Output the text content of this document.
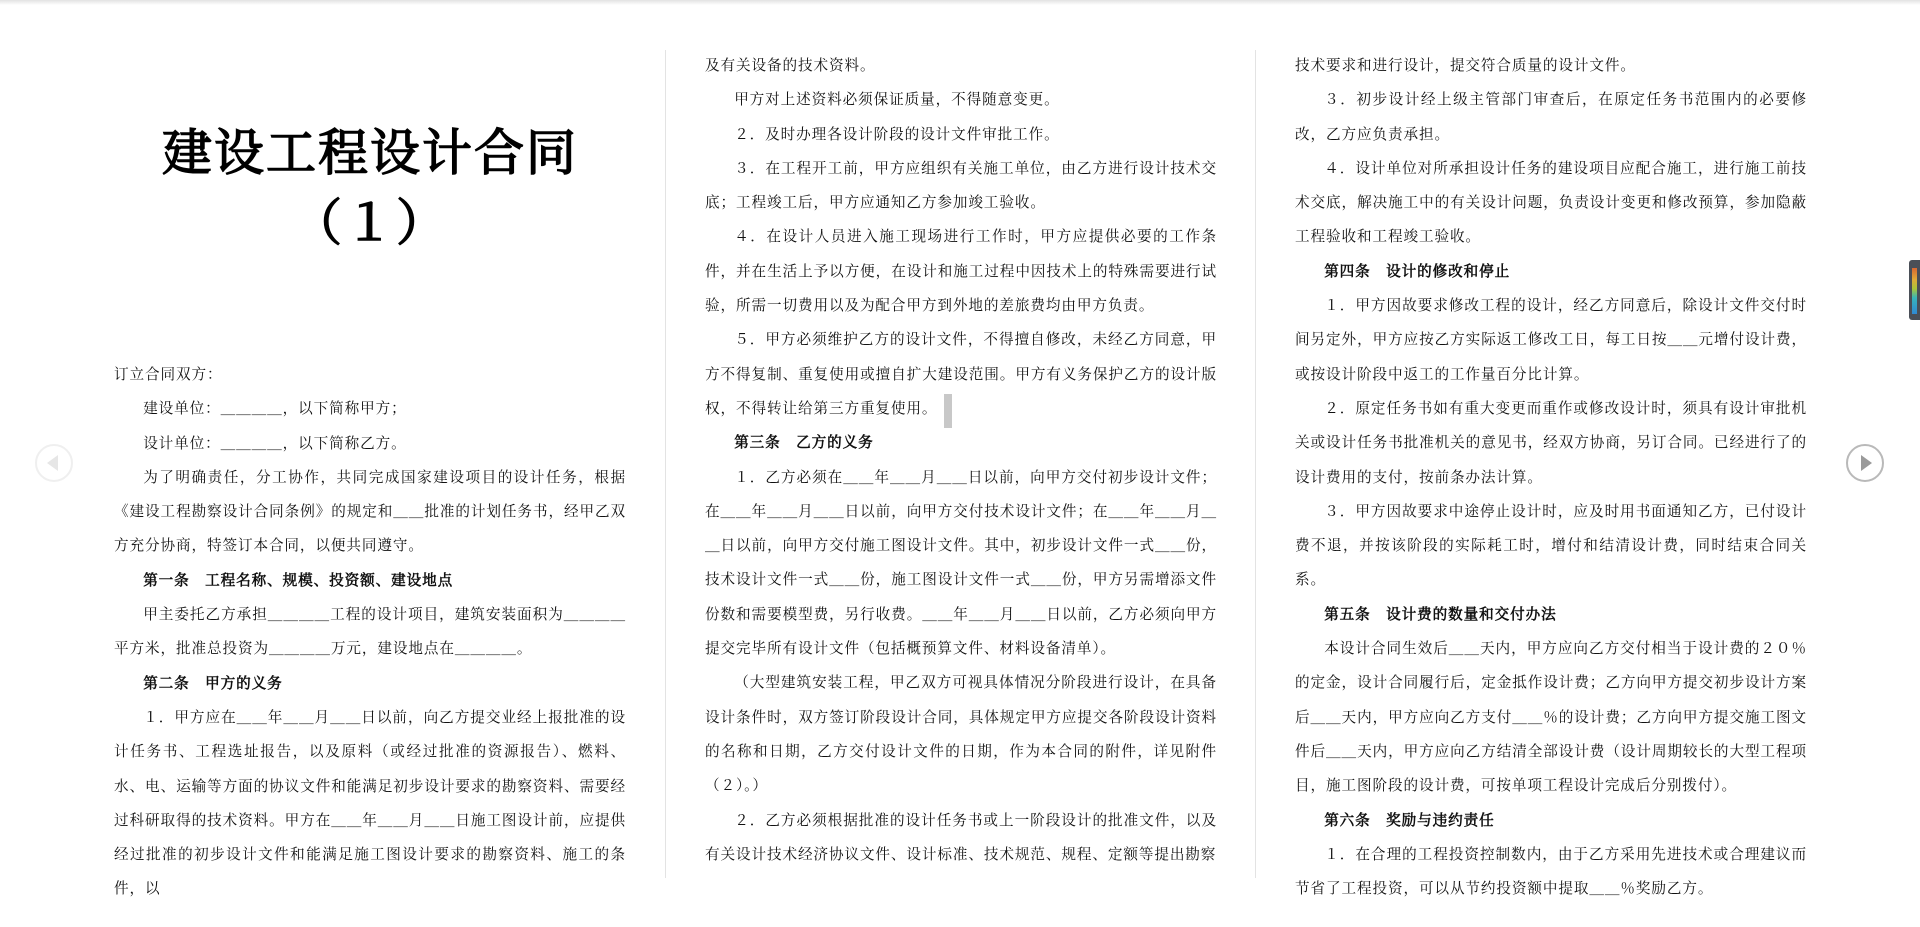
建设工程设计合同
（１）

订立合同双方：

建设单位：＿＿＿＿，以下简称甲方；

设计单位：＿＿＿＿，以下简称乙方。

为了明确责任，分工协作，共同完成国家建设项目的设计任务，根据《建设工程勘察设计合同条例》的规定和＿＿批准的计划任务书，经甲乙双方充分协商，特签订本合同，以便共同遵守。

第一条　工程名称、规模、投资额、建设地点

甲主委托乙方承担＿＿＿＿工程的设计项目，建筑安装面积为＿＿＿＿平方米，批准总投资为＿＿＿＿万元，建设地点在＿＿＿＿。

第二条　甲方的义务

１．甲方应在＿＿年＿＿月＿＿日以前，向乙方提交业经上报批准的设计任务书、工程选址报告，以及原料（或经过批准的资源报告）、燃料、水、电、运输等方面的协议文件和能满足初步设计要求的勘察资料、需要经过科研取得的技术资料。甲方在＿＿年＿＿月＿＿日施工图设计前，应提供经过批准的初步设计文件和能满足施工图设计要求的勘察资料、施工的条件，以

及有关设备的技术资料。

甲方对上述资料必须保证质量，不得随意变更。

２．及时办理各设计阶段的设计文件审批工作。

３．在工程开工前，甲方应组织有关施工单位，由乙方进行设计技术交底；工程竣工后，甲方应通知乙方参加竣工验收。

４．在设计人员进入施工现场进行工作时，甲方应提供必要的工作条件，并在生活上予以方便，在设计和施工过程中因技术上的特殊需要进行试验，所需一切费用以及为配合甲方到外地的差旅费均由甲方负责。

５．甲方必须维护乙方的设计文件，不得擅自修改，未经乙方同意，甲方不得复制、重复使用或擅自扩大建设范围。甲方有义务保护乙方的设计版权，不得转让给第三方重复使用。

第三条　乙方的义务

１．乙方必须在＿＿年＿＿月＿＿日以前，向甲方交付初步设计文件；在＿＿年＿＿月＿＿日以前，向甲方交付技术设计文件；在＿＿年＿＿月＿＿日以前，向甲方交付施工图设计文件。其中，初步设计文件一式＿＿份，技术设计文件一式＿＿份，施工图设计文件一式＿＿份，甲方另需增添文件份数和需要模型费，另行收费。＿＿年＿＿月＿＿日以前，乙方必须向甲方提交完毕所有设计文件（包括概预算文件、材料设备清单）。

（大型建筑安装工程，甲乙双方可视具体情况分阶段进行设计，在具备设计条件时，双方签订阶段设计合同，具体规定甲方应提交各阶段设计资料的名称和日期，乙方交付设计文件的日期，作为本合同的附件，详见附件（２）。）

２．乙方必须根据批准的设计任务书或上一阶段设计的批准文件，以及有关设计技术经济协议文件、设计标准、技术规范、规程、定额等提出勘察

技术要求和进行设计，提交符合质量的设计文件。

３．初步设计经上级主管部门审查后，在原定任务书范围内的必要修改，乙方应负责承担。

４．设计单位对所承担设计任务的建设项目应配合施工，进行施工前技术交底，解决施工中的有关设计问题，负责设计变更和修改预算，参加隐蔽工程验收和工程竣工验收。

第四条　设计的修改和停止

１．甲方因故要求修改工程的设计，经乙方同意后，除设计文件交付时间另定外，甲方应按乙方实际返工修改工日，每工日按＿＿元增付设计费，或按设计阶段中返工的工作量百分比计算。

２．原定任务书如有重大变更而重作或修改设计时，须具有设计审批机关或设计任务书批准机关的意见书，经双方协商，另订合同。已经进行了的设计费用的支付，按前条办法计算。

３．甲方因故要求中途停止设计时，应及时用书面通知乙方，已付设计费不退，并按该阶段的实际耗工时，增付和结清设计费，同时结束合同关系。

第五条　设计费的数量和交付办法

本设计合同生效后＿＿天内，甲方应向乙方交付相当于设计费的２０％的定金，设计合同履行后，定金抵作设计费；乙方向甲方提交初步设计方案后＿＿天内，甲方应向乙方支付＿＿％的设计费；乙方向甲方提交施工图文件后＿＿天内，甲方应向乙方结清全部设计费（设计周期较长的大型工程项目，施工图阶段的设计费，可按单项工程设计完成后分别拨付）。

第六条　奖励与违约责任

１．在合理的工程投资控制数内，由于乙方采用先进技术或合理建议而节省了工程投资，可以从节约投资额中提取＿＿％奖励乙方。
